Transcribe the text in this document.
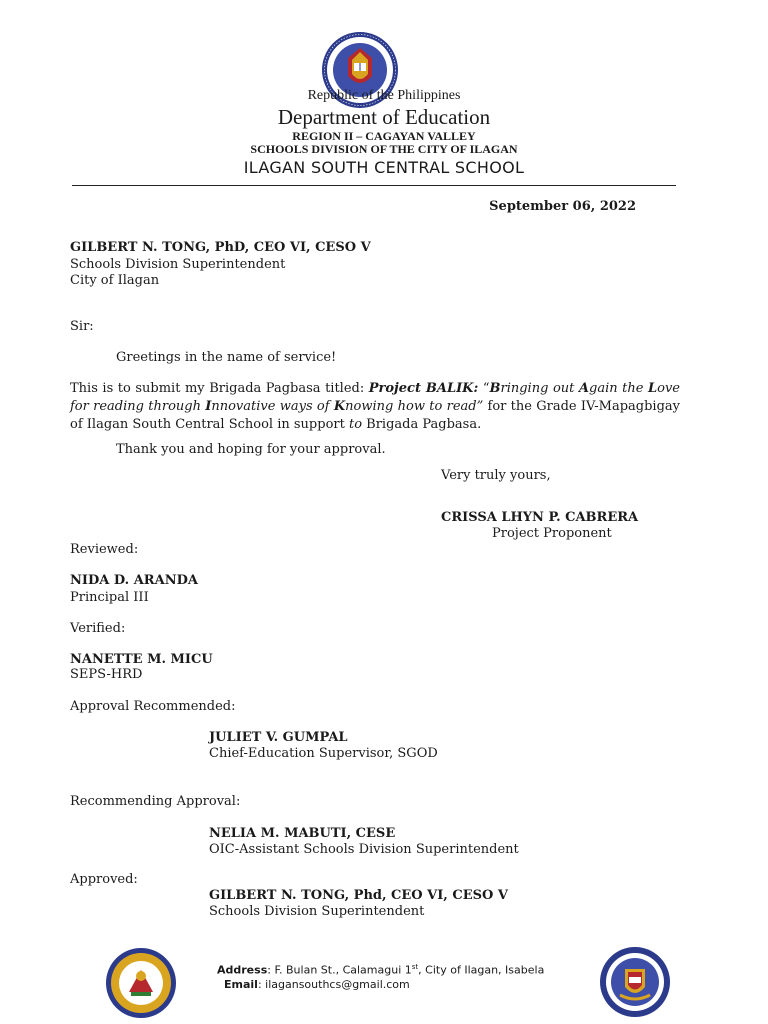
Republic of the Philippines
Department of Education
REGION II – CAGAYAN VALLEY
SCHOOLS DIVISION OF THE CITY OF ILAGAN
ILAGAN SOUTH CENTRAL SCHOOL
September 06, 2022
GILBERT N. TONG, PhD, CEO VI, CESO V
Schools Division Superintendent
City of Ilagan
Sir:
Greetings in the name of service!
This is to submit my Brigada Pagbasa titled: Project BALIK: “Bringing out Again the Love for reading through Innovative ways of Knowing how to read” for the Grade IV-Mapagbigay of Ilagan South Central School in support to Brigada Pagbasa.
Thank you and hoping for your approval.
Very truly yours,
CRISSA LHYN P. CABRERA
Project Proponent
Reviewed:
NIDA D. ARANDA
Principal III
Verified:
NANETTE M. MICU
SEPS-HRD
Approval Recommended:
JULIET V. GUMPAL
Chief-Education Supervisor, SGOD
Recommending Approval:
NELIA M. MABUTI, CESE
OIC-Assistant Schools Division Superintendent
Approved:
GILBERT N. TONG, Phd, CEO VI, CESO V
Schools Division Superintendent
Address: F. Bulan St., Calamagui 1st, City of Ilagan, Isabela
Email: ilagansouthcs@gmail.com
